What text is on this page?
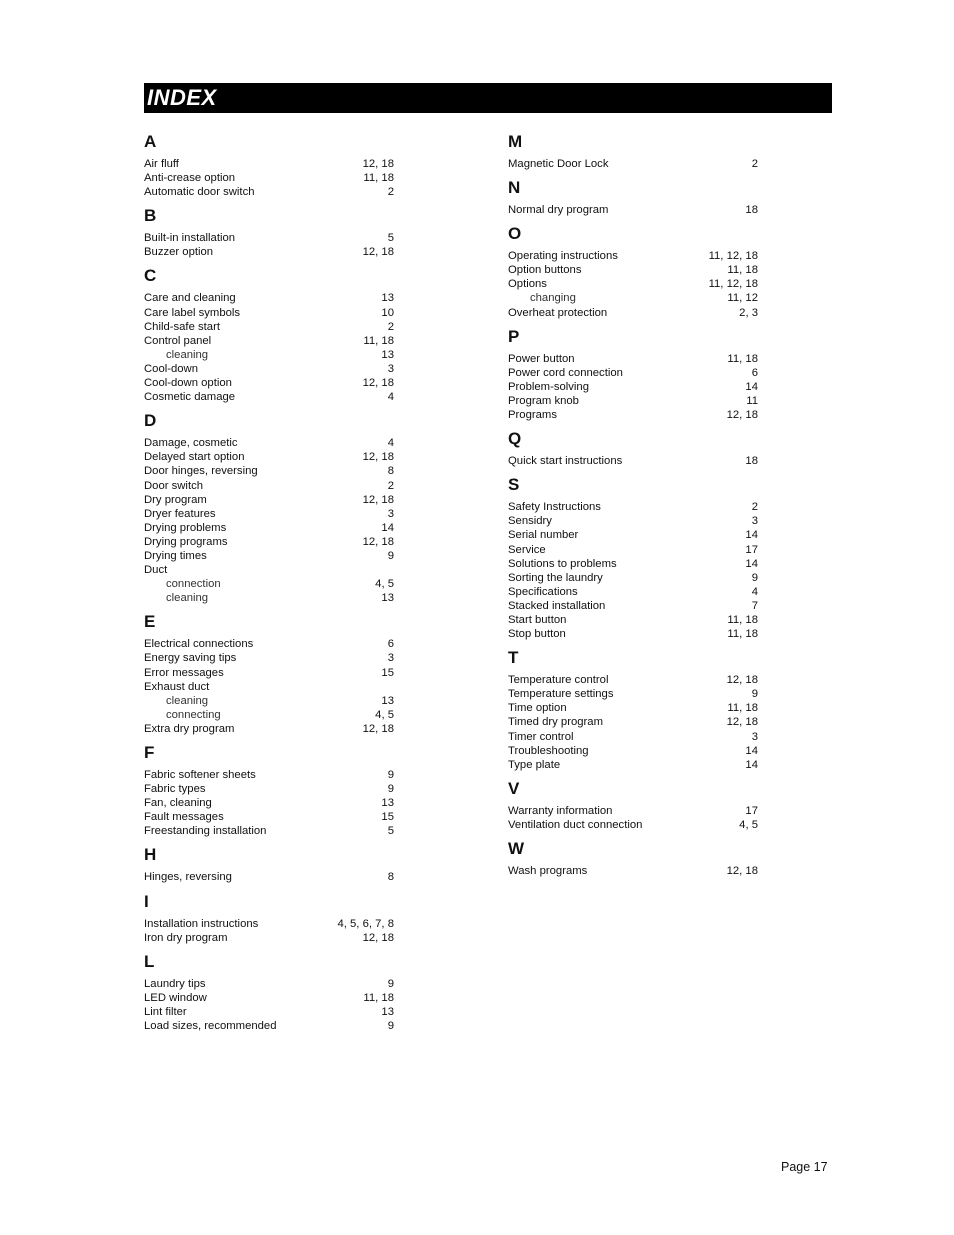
INDEX
A
Air fluff	12, 18
Anti-crease option	11, 18
Automatic door switch	2
B
Built-in installation	5
Buzzer option	12, 18
C
Care and cleaning	13
Care label symbols	10
Child-safe start	2
Control panel	11, 18
cleaning	13
Cool-down	3
Cool-down option	12, 18
Cosmetic damage	4
D
Damage, cosmetic	4
Delayed start option	12, 18
Door hinges, reversing	8
Door switch	2
Dry program	12, 18
Dryer features	3
Drying problems	14
Drying programs	12, 18
Drying times	9
Duct
connection	4, 5
cleaning	13
E
Electrical connections	6
Energy saving tips	3
Error messages	15
Exhaust duct
cleaning	13
connecting	4, 5
Extra dry program	12, 18
F
Fabric softener sheets	9
Fabric types	9
Fan, cleaning	13
Fault messages	15
Freestanding installation	5
H
Hinges, reversing	8
I
Installation instructions	4, 5, 6, 7, 8
Iron dry program	12, 18
L
Laundry tips	9
LED window	11, 18
Lint filter	13
Load sizes, recommended	9
M
Magnetic Door Lock	2
N
Normal dry program	18
O
Operating instructions	11, 12, 18
Option buttons	11, 18
Options	11, 12, 18
changing	11, 12
Overheat protection	2, 3
P
Power button	11, 18
Power cord connection	6
Problem-solving	14
Program knob	11
Programs	12, 18
Q
Quick start instructions	18
S
Safety Instructions	2
Sensidry	3
Serial number	14
Service	17
Solutions to problems	14
Sorting the laundry	9
Specifications	4
Stacked installation	7
Start button	11, 18
Stop button	11, 18
T
Temperature control	12, 18
Temperature settings	9
Time option	11, 18
Timed dry program	12, 18
Timer control	3
Troubleshooting	14
Type plate	14
V
Warranty information	17
Ventilation duct connection	4, 5
W
Wash programs	12, 18
Page 17
